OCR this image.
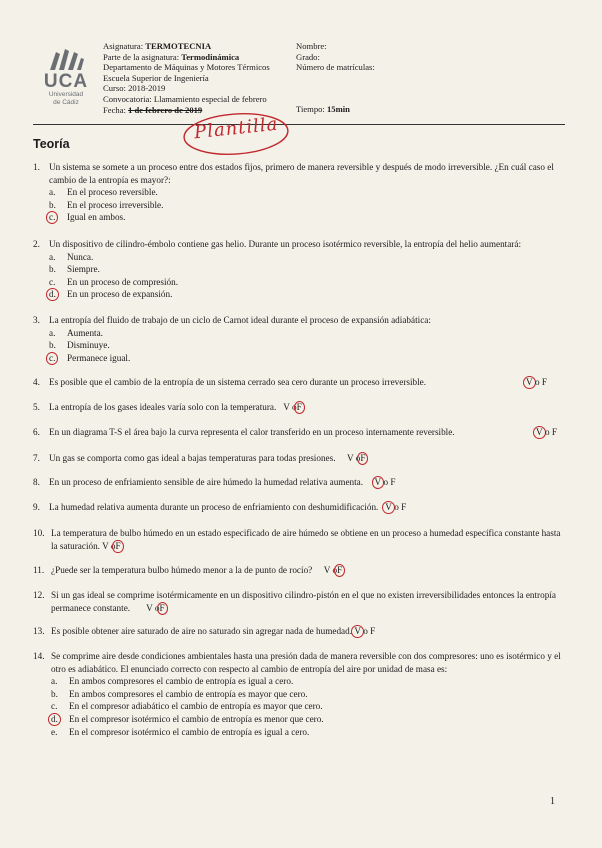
UCA
Universidad
de Cádiz
Asignatura: TERMOTECNIA
Parte de la asignatura: Termodinámica
Departamento de Máquinas y Motores Térmicos
Escuela Superior de Ingeniería
Curso: 2018-2019
Convocatoria: Llamamiento especial de febrero
Fecha: 1 de febrero de 2019
Nombre:
Grado:
Número de matrículas:
Tiempo: 15min
Plantilla
Teoría
1. Un sistema se somete a un proceso entre dos estados fijos, primero de manera reversible y después de modo irreversible. ¿En cuál caso el cambio de la entropía es mayor?:
a. En el proceso reversible.
b. En el proceso irreversible.
c. Igual en ambos.
2. Un dispositivo de cilindro-émbolo contiene gas helio. Durante un proceso isotérmico reversible, la entropía del helio aumentará:
a. Nunca.
b. Siempre.
c. En un proceso de compresión.
d. En un proceso de expansión.
3. La entropía del fluido de trabajo de un ciclo de Carnot ideal durante el proceso de expansión adiabática:
a. Aumenta.
b. Disminuye.
c. Permanece igual.
4. Es posible que el cambio de la entropía de un sistema cerrado sea cero durante un proceso irreversible.	V o F
5. La entropía de los gases ideales varía solo con la temperatura. V oF
6. En un diagrama T-S el área bajo la curva representa el calor transferido en un proceso internamente reversible.	V o F
7. Un gas se comporta como gas ideal a bajas temperaturas para todas presiones. V oF
8. En un proceso de enfriamiento sensible de aire húmedo la humedad relativa aumenta. V o F
9. La humedad relativa aumenta durante un proceso de enfriamiento con deshumidificación. V o F
10. La temperatura de bulbo húmedo en un estado especificado de aire húmedo se obtiene en un proceso a humedad específica constante hasta la saturación. V oF
11. ¿Puede ser la temperatura bulbo húmedo menor a la de punto de rocío? V oF
12. Si un gas ideal se comprime isotérmicamente en un dispositivo cilindro-pistón en el que no existen irreversibilidades entonces la entropía permanece constante. V oF
13. Es posible obtener aire saturado de aire no saturado sin agregar nada de humedad. V o F
14. Se comprime aire desde condiciones ambientales hasta una presión dada de manera reversible con dos compresores: uno es isotérmico y el otro es adiabático. El enunciado correcto con respecto al cambio de entropía del aire por unidad de masa es:
a. En ambos compresores el cambio de entropía es igual a cero.
b. En ambos compresores el cambio de entropía es mayor que cero.
c. En el compresor adiabático el cambio de entropía es mayor que cero.
d. En el compresor isotérmico el cambio de entropía es menor que cero.
e. En el compresor isotérmico el cambio de entropía es igual a cero.
1
